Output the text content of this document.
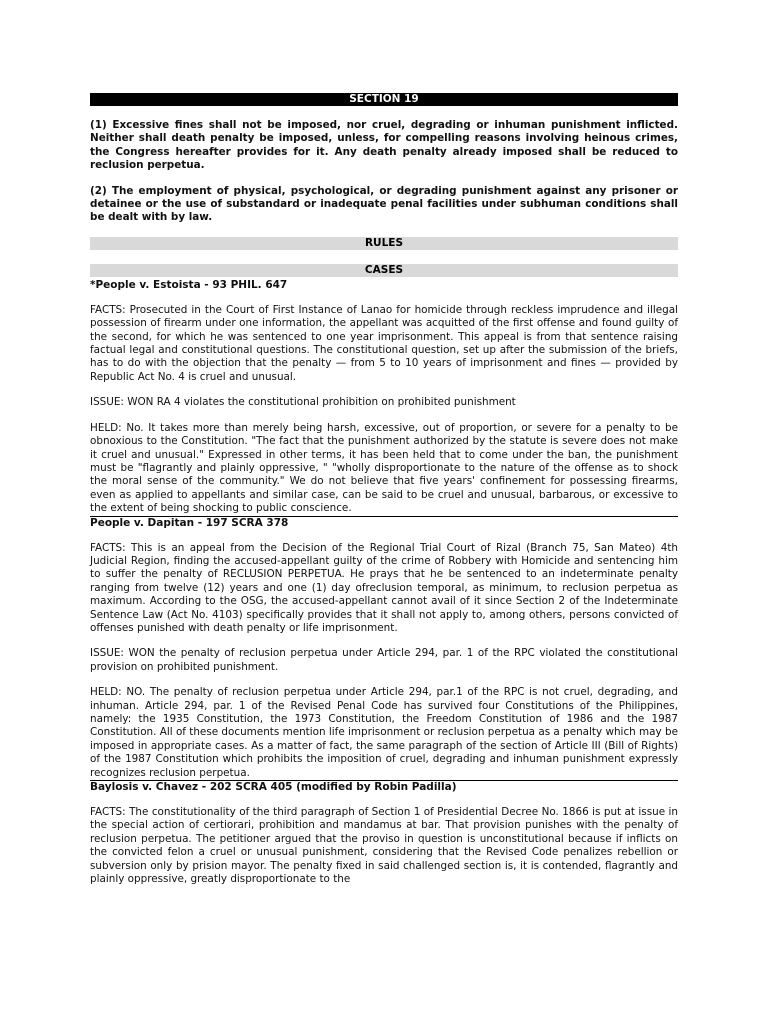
SECTION 19

(1) Excessive fines shall not be imposed, nor cruel, degrading or inhuman punishment inflicted. Neither shall death penalty be imposed, unless, for compelling reasons involving heinous crimes, the Congress hereafter provides for it. Any death penalty already imposed shall be reduced to reclusion perpetua.

(2) The employment of physical, psychological, or degrading punishment against any prisoner or detainee or the use of substandard or inadequate penal facilities under subhuman conditions shall be dealt with by law.

RULES
CASES
*People v. Estoista - 93 PHIL. 647

FACTS: Prosecuted in the Court of First Instance of Lanao for homicide through reckless imprudence and illegal possession of firearm under one information, the appellant was acquitted of the first offense and found guilty of the second, for which he was sentenced to one year imprisonment. This appeal is from that sentence raising factual legal and constitutional questions. The constitutional question, set up after the submission of the briefs, has to do with the objection that the penalty — from 5 to 10 years of imprisonment and fines — provided by Republic Act No. 4 is cruel and unusual.

ISSUE: WON RA 4 violates the constitutional prohibition on prohibited punishment

HELD: No. It takes more than merely being harsh, excessive, out of proportion, or severe for a penalty to be obnoxious to the Constitution. "The fact that the punishment authorized by the statute is severe does not make it cruel and unusual." Expressed in other terms, it has been held that to come under the ban, the punishment must be "flagrantly and plainly oppressive, " "wholly disproportionate to the nature of the offense as to shock the moral sense of the community." We do not believe that five years' confinement for possessing firearms, even as applied to appellants and similar case, can be said to be cruel and unusual, barbarous, or excessive to the extent of being shocking to public conscience.

People v. Dapitan - 197 SCRA 378

FACTS: This is an appeal from the Decision of the Regional Trial Court of Rizal (Branch 75, San Mateo) 4th Judicial Region, finding the accused-appellant guilty of the crime of Robbery with Homicide and sentencing him to suffer the penalty of RECLUSION PERPETUA. He prays that he be sentenced to an indeterminate penalty ranging from twelve (12) years and one (1) day ofreclusion temporal, as minimum, to reclusion perpetua as maximum. According to the OSG, the accused-appellant cannot avail of it since Section 2 of the Indeterminate Sentence Law (Act No. 4103) specifically provides that it shall not apply to, among others, persons convicted of offenses punished with death penalty or life imprisonment.

ISSUE: WON the penalty of reclusion perpetua under Article 294, par. 1 of the RPC violated the constitutional provision on prohibited punishment.

HELD: NO. The penalty of reclusion perpetua under Article 294, par.1 of the RPC is not cruel, degrading, and inhuman. Article 294, par. 1 of the Revised Penal Code has survived four Constitutions of the Philippines, namely: the 1935 Constitution, the 1973 Constitution, the Freedom Constitution of 1986 and the 1987 Constitution. All of these documents mention life imprisonment or reclusion perpetua as a penalty which may be imposed in appropriate cases. As a matter of fact, the same paragraph of the section of Article III (Bill of Rights) of the 1987 Constitution which prohibits the imposition of cruel, degrading and inhuman punishment expressly recognizes reclusion perpetua.

Baylosis v. Chavez - 202 SCRA 405 (modified by Robin Padilla)

FACTS: The constitutionality of the third paragraph of Section 1 of Presidential Decree No. 1866 is put at issue in the special action of certiorari, prohibition and mandamus at bar. That provision punishes with the penalty of reclusion perpetua. The petitioner argued that the proviso in question is unconstitutional because if inflicts on the convicted felon a cruel or unusual punishment, considering that the Revised Code penalizes rebellion or subversion only by prision mayor. The penalty fixed in said challenged section is, it is contended, flagrantly and plainly oppressive, greatly disproportionate to the
